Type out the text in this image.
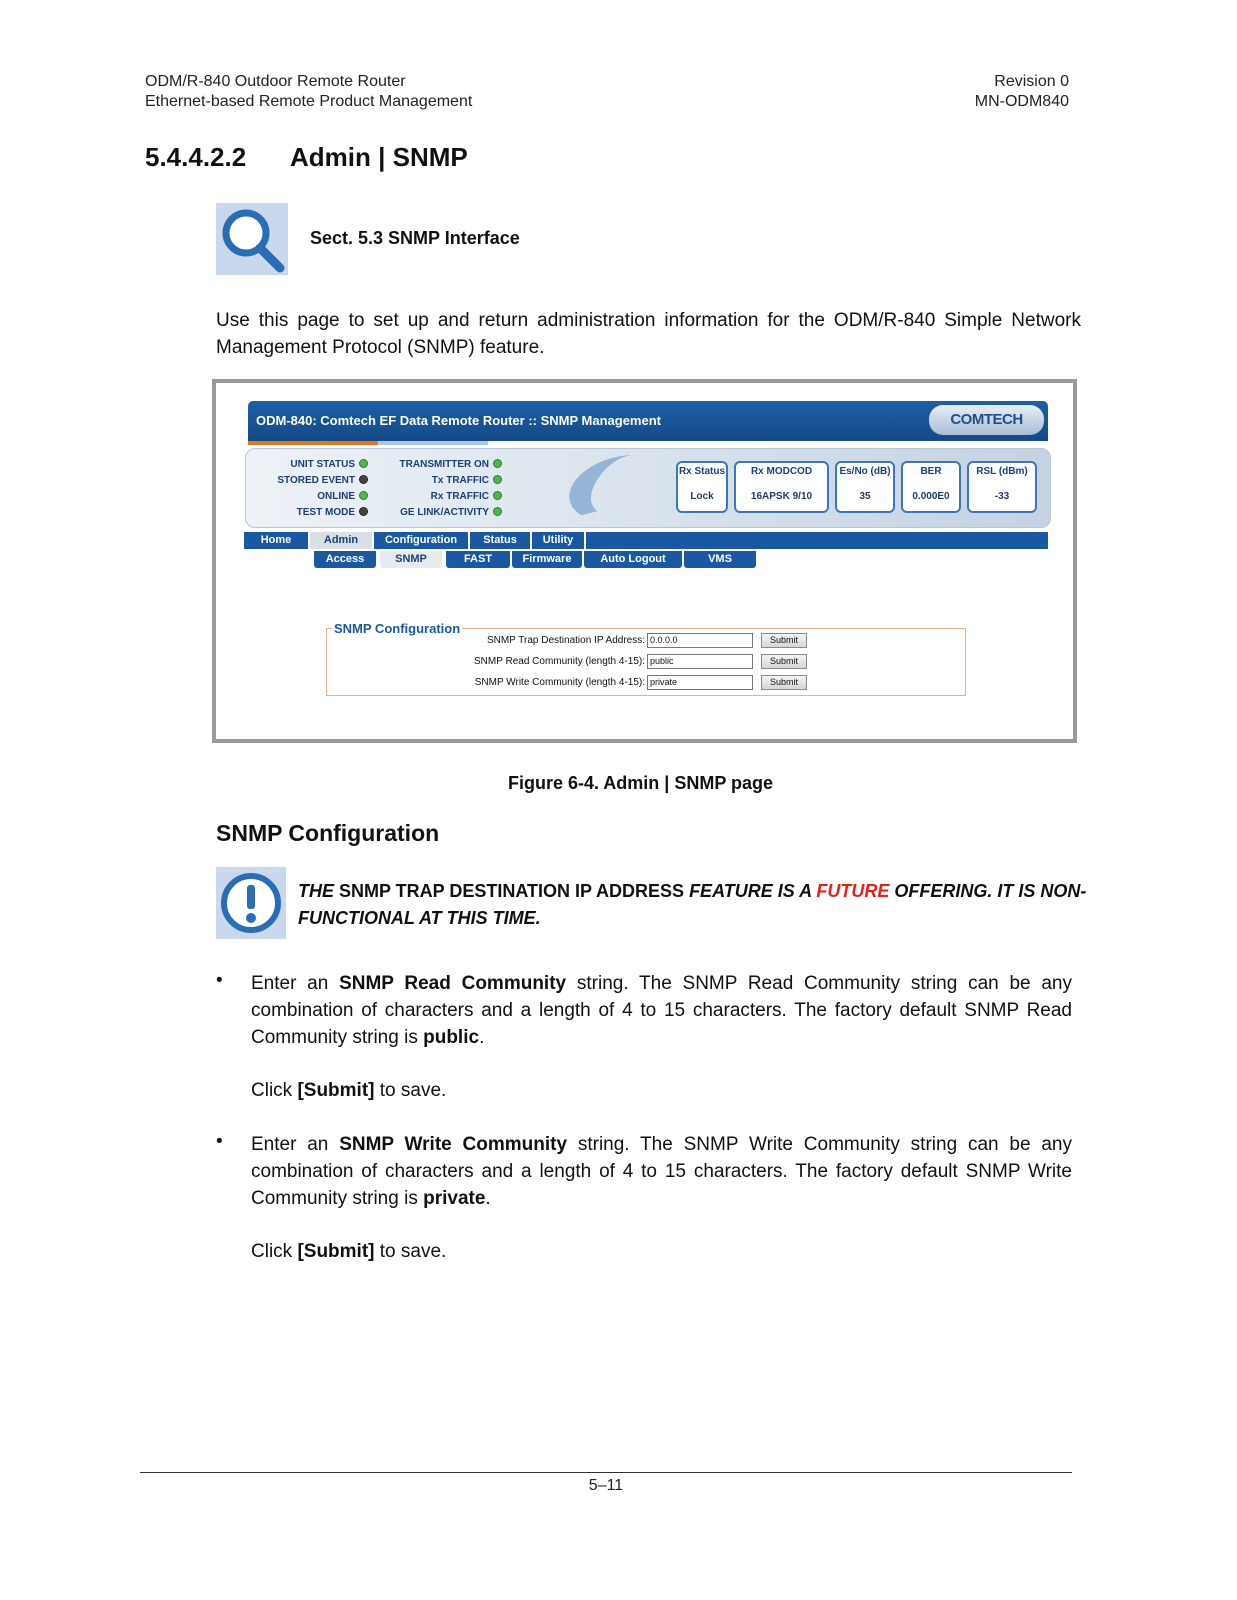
ODM/R-840 Outdoor Remote Router
Ethernet-based Remote Product Management
Revision 0
MN-ODM840
5.4.4.2.2 Admin | SNMP
Sect. 5.3 SNMP Interface
Use this page to set up and return administration information for the ODM/R-840 Simple Network Management Protocol (SNMP) feature.
ODM-840: Comtech EF Data Remote Router :: SNMP Management	COMTECH
UNIT STATUS
STORED EVENT
ONLINE
TEST MODE
TRANSMITTER ON
Tx TRAFFIC
Rx TRAFFIC
GE LINK/ACTIVITY
Rx Status
Lock
Rx MODCOD
16APSK 9/10
Es/No (dB)
35
BER
0.000E0
RSL (dBm)
-33
Home	Admin	Configuration	Status	Utility
Access	SNMP	FAST	Firmware	Auto Logout	VMS
SNMP Configuration
SNMP Trap Destination IP Address: 0.0.0.0	Submit
SNMP Read Community (length 4-15): public	Submit
SNMP Write Community (length 4-15): private	Submit
Figure 6-4. Admin | SNMP page
SNMP Configuration
THE SNMP TRAP DESTINATION IP ADDRESS FEATURE IS A FUTURE OFFERING. IT IS NON-FUNCTIONAL AT THIS TIME.
• Enter an SNMP Read Community string. The SNMP Read Community string can be any combination of characters and a length of 4 to 15 characters. The factory default SNMP Read Community string is public.
Click [Submit] to save.
• Enter an SNMP Write Community string. The SNMP Write Community string can be any combination of characters and a length of 4 to 15 characters. The factory default SNMP Write Community string is private.
Click [Submit] to save.
5–11
